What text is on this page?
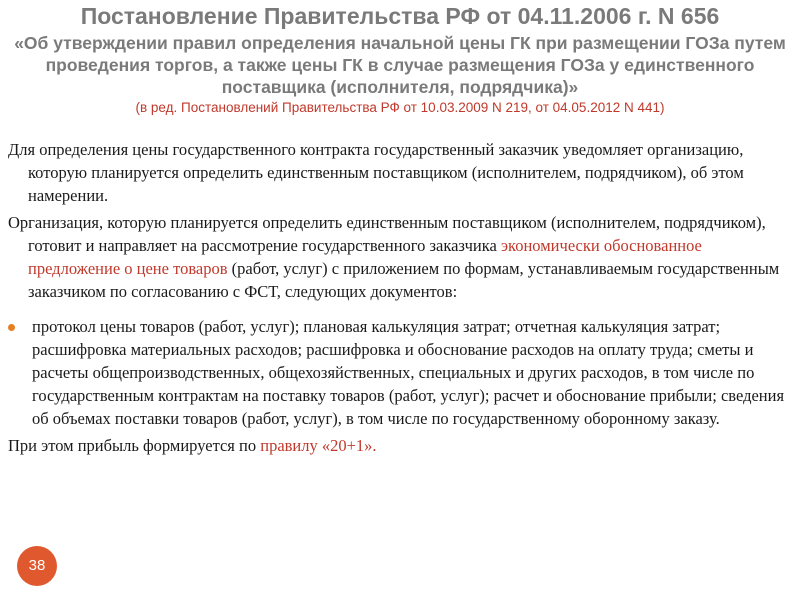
Постановление Правительства РФ от 04.11.2006 г. N 656
«Об утверждении правил определения начальной цены ГК при размещении ГОЗа путем проведения торгов, а также цены ГК в случае размещения ГОЗа у единственного поставщика (исполнителя, подрядчика)»
(в ред. Постановлений Правительства РФ от 10.03.2009 N 219, от 04.05.2012 N 441)

Для определения цены государственного контракта государственный заказчик уведомляет организацию, которую планируется определить единственным поставщиком (исполнителем, подрядчиком), об этом намерении.

Организация, которую планируется определить единственным поставщиком (исполнителем, подрядчиком), готовит и направляет на рассмотрение государственного заказчика экономически обоснованное предложение о цене товаров (работ, услуг) с приложением по формам, устанавливаемым государственным заказчиком по согласованию с ФСТ, следующих документов:

протокол цены товаров (работ, услуг); плановая калькуляция затрат; отчетная калькуляция затрат; расшифровка материальных расходов; расшифровка и обоснование расходов на оплату труда; сметы и расчеты общепроизводственных, общехозяйственных, специальных и других расходов, в том числе по государственным контрактам на поставку товаров (работ, услуг); расчет и обоснование прибыли; сведения об объемах поставки товаров (работ, услуг), в том числе по государственному оборонному заказу.

При этом прибыль формируется по правилу «20+1».

38
